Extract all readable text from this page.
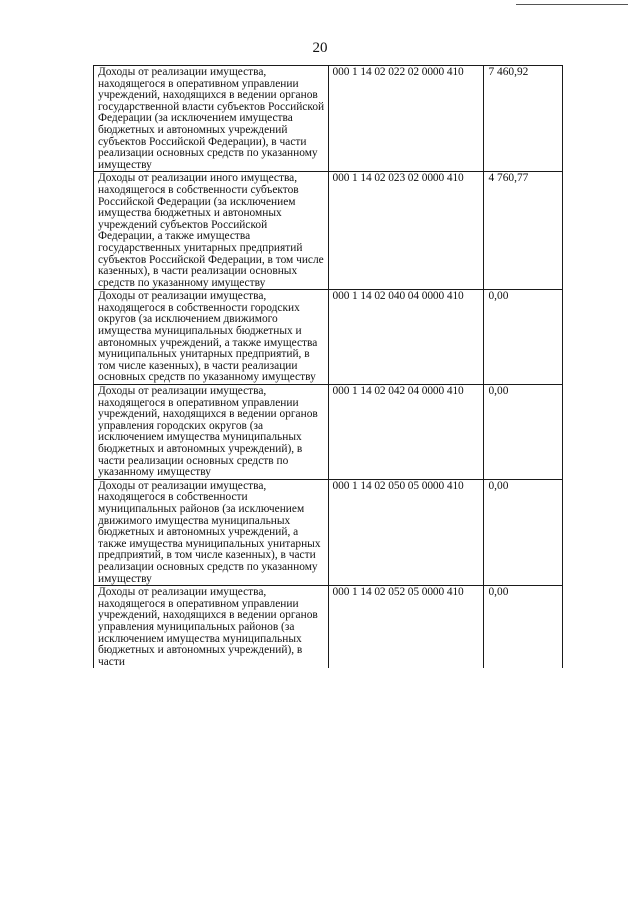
20
Доходы от реализации имущества, находящегося в оперативном управлении учреждений, находящихся в ведении органов государственной власти субъектов Российской Федерации (за исключением имущества бюджетных и автономных учреждений субъектов Российской Федерации), в части реализации основных средств по указанному имуществу	000 1 14 02 022 02 0000 410	7 460,92
Доходы от реализации иного имущества, находящегося в собственности субъектов Российской Федерации (за исключением имущества бюджетных и автономных учреждений субъектов Российской Федерации, а также имущества государственных унитарных предприятий субъектов Российской Федерации, в том числе казенных), в части реализации основных средств по указанному имуществу	000 1 14 02 023 02 0000 410	4 760,77
Доходы от реализации имущества, находящегося в собственности городских округов (за исключением движимого имущества муниципальных бюджетных и автономных учреждений, а также имущества муниципальных унитарных предприятий, в том числе казенных), в части реализации основных средств по указанному имуществу	000 1 14 02 040 04 0000 410	0,00
Доходы от реализации имущества, находящегося в оперативном управлении учреждений, находящихся в ведении органов управления городских округов (за исключением имущества муниципальных бюджетных и автономных учреждений), в части реализации основных средств по указанному имуществу	000 1 14 02 042 04 0000 410	0,00
Доходы от реализации имущества, находящегося в собственности муниципальных районов (за исключением движимого имущества муниципальных бюджетных и автономных учреждений, а также имущества муниципальных унитарных предприятий, в том числе казенных), в части реализации основных средств по указанному имуществу	000 1 14 02 050 05 0000 410	0,00
Доходы от реализации имущества, находящегося в оперативном управлении учреждений, находящихся в ведении органов управления муниципальных районов (за исключением имущества муниципальных бюджетных и автономных учреждений), в части	000 1 14 02 052 05 0000 410	0,00
